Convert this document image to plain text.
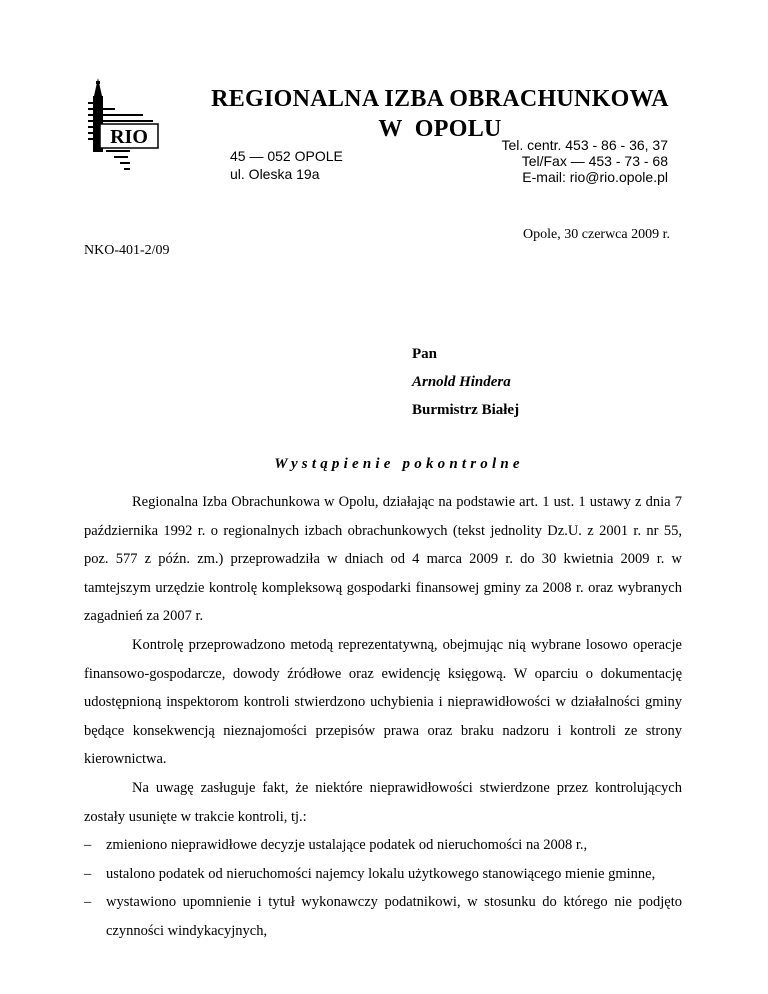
RIO
REGIONALNA IZBA OBRACHUNKOWA
W  OPOLU
45 — 052 OPOLE
ul. Oleska 19a
Tel. centr. 453 - 86 - 36, 37
Tel/Fax — 453 - 73 - 68
E-mail: rio@rio.opole.pl
Opole, 30 czerwca 2009 r.
NKO-401-2/09
Pan
Arnold Hindera
Burmistrz Białej
Wystąpienie pokontrolne

Regionalna Izba Obrachunkowa w Opolu, działając na podstawie art. 1 ust. 1 ustawy z dnia 7 października 1992 r. o regionalnych izbach obrachunkowych (tekst jednolity Dz.U. z 2001 r. nr 55, poz. 577 z późn. zm.) przeprowadziła w dniach od 4 marca 2009 r. do 30 kwietnia 2009 r. w tamtejszym urzędzie kontrolę kompleksową gospodarki finansowej gminy za 2008 r. oraz wybranych zagadnień za 2007 r.

Kontrolę przeprowadzono metodą reprezentatywną, obejmując nią wybrane losowo operacje finansowo-gospodarcze, dowody źródłowe oraz ewidencję księgową. W oparciu o dokumentację udostępnioną inspektorom kontroli stwierdzono uchybienia i nieprawidłowości w działalności gminy będące konsekwencją nieznajomości przepisów prawa oraz braku nadzoru i kontroli ze strony kierownictwa.

Na uwagę zasługuje fakt, że niektóre nieprawidłowości stwierdzone przez kontrolujących zostały usunięte w trakcie kontroli, tj.:

– zmieniono nieprawidłowe decyzje ustalające podatek od nieruchomości na 2008 r.,
– ustalono podatek od nieruchomości najemcy lokalu użytkowego stanowiącego mienie gminne,
– wystawiono upomnienie i tytuł wykonawczy podatnikowi, w stosunku do którego nie podjęto czynności windykacyjnych,
